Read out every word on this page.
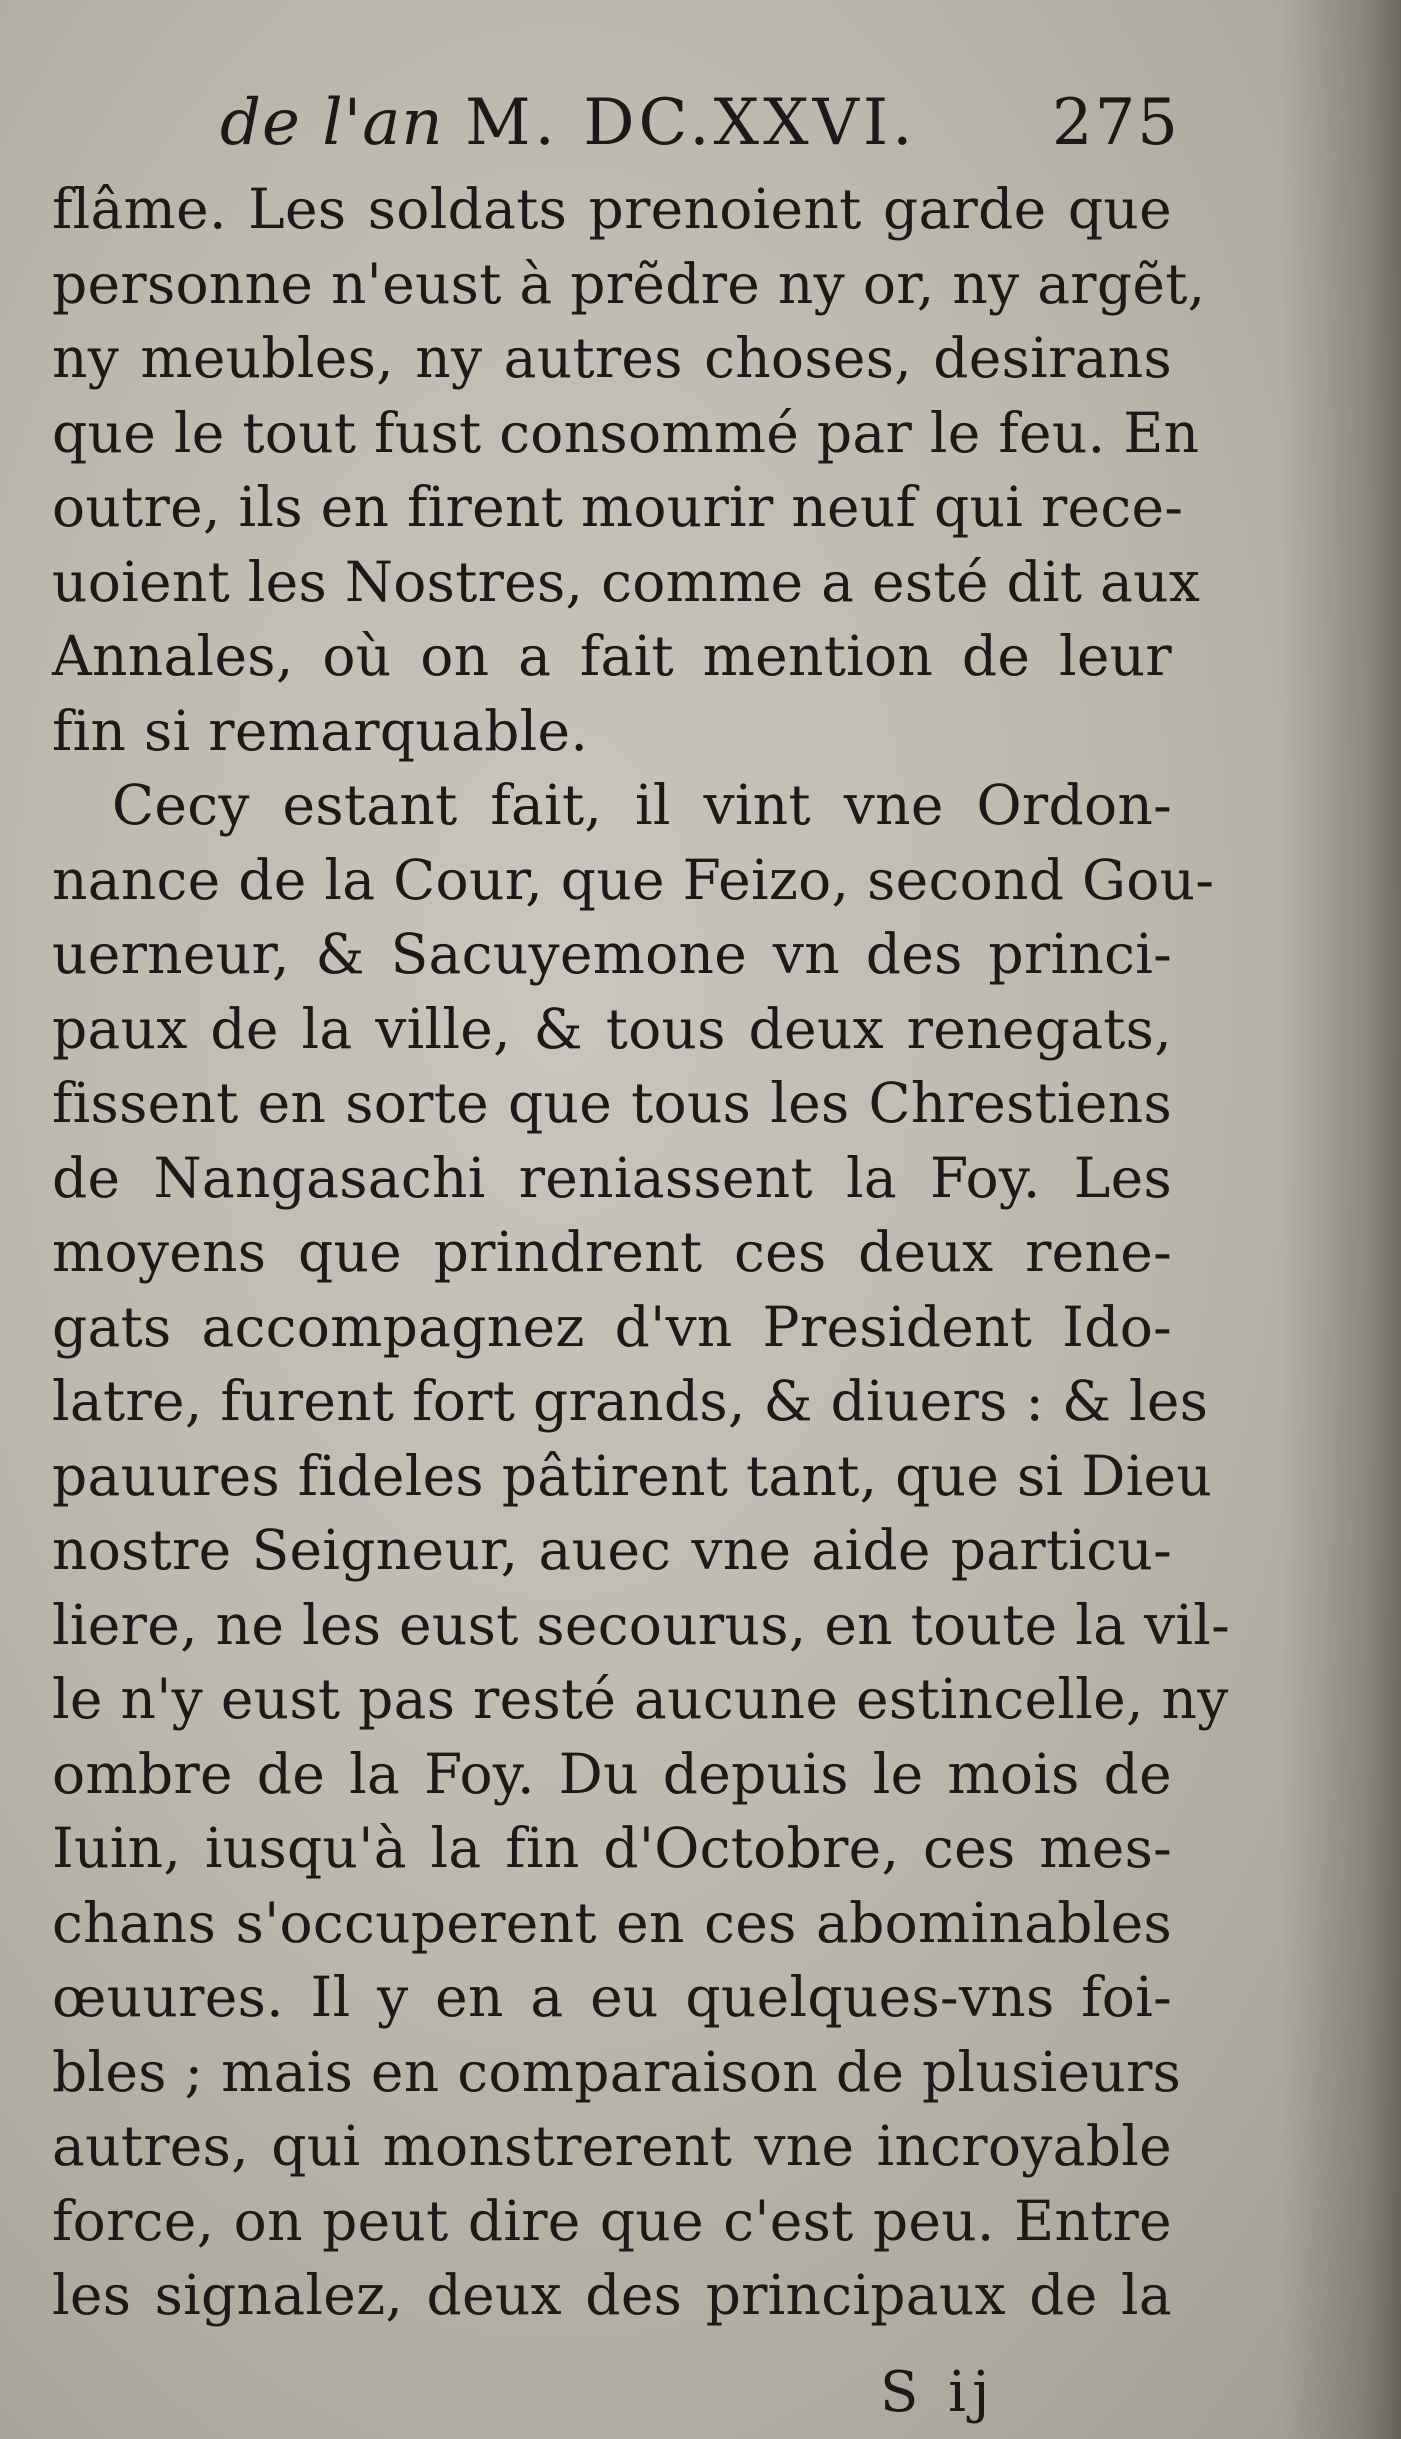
de l'an M. DC.XXVI. 275
flâme. Les soldats prenoient garde que
personne n'eust à prẽdre ny or, ny argẽt,
ny meubles, ny autres choses, desirans
que le tout fust consommé par le feu. En
outre, ils en firent mourir neuf qui rece-
uoient les Nostres, comme a esté dit aux
Annales, où on a fait mention de leur
fin si remarquable.
Cecy estant fait, il vint vne Ordon-
nance de la Cour, que Feizo, second Gou-
uerneur, & Sacuyemone vn des princi-
paux de la ville, & tous deux renegats,
fissent en sorte que tous les Chrestiens
de Nangasachi reniassent la Foy. Les
moyens que prindrent ces deux rene-
gats accompagnez d'vn President Ido-
latre, furent fort grands, & diuers : & les
pauures fideles pâtirent tant, que si Dieu
nostre Seigneur, auec vne aide particu-
liere, ne les eust secourus, en toute la vil-
le n'y eust pas resté aucune estincelle, ny
ombre de la Foy. Du depuis le mois de
Iuin, iusqu'à la fin d'Octobre, ces mes-
chans s'occuperent en ces abominables
œuures. Il y en a eu quelques-vns foi-
bles ; mais en comparaison de plusieurs
autres, qui monstrerent vne incroyable
force, on peut dire que c'est peu. Entre
les signalez, deux des principaux de la
S ij
